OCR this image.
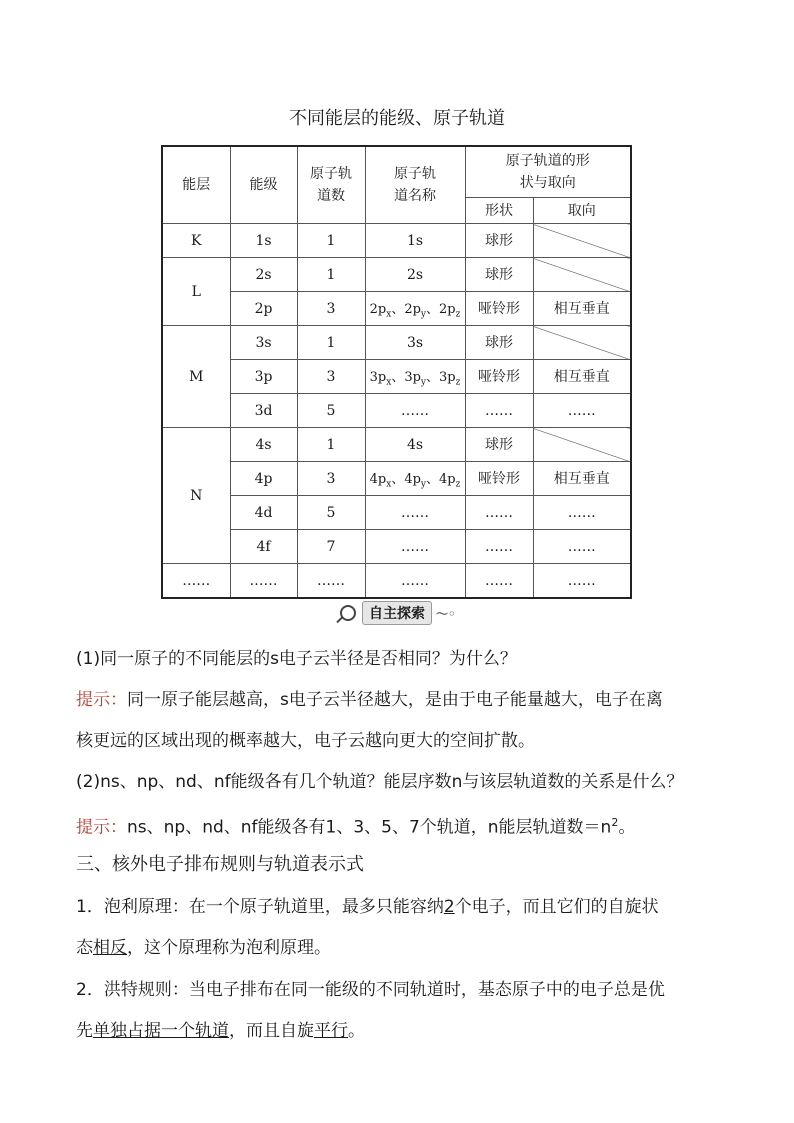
不同能层的能级、原子轨道
能层	能级	原子轨道数	原子轨道名称	原子轨道的形状与取向	
				形状	取向
K	1s	1	1s	球形	
L	2s	1	2s	球形	
	2p	3	$2p_x$、$2p_y$、$2p_z$	哑铃形	相互垂直
M	3s	1	3s	球形	
	3p	3	$3p_x$、$3p_y$、$3p_z$	哑铃形	相互垂直
	3d	5	……	……	……
N	4s	1	4s	球形	
	4p	3	$4p_x$、$4p_y$、$4p_z$	哑铃形	相互垂直
	4d	5	……	……	……
	4f	7	……	……	……
……	……	……	……	……	……
自主探索 ～◦
(1)同一原子的不同能层的s电子云半径是否相同？为什么？
提示：同一原子能层越高，s电子云半径越大，是由于电子能量越大，电子在离
核更远的区域出现的概率越大，电子云越向更大的空间扩散。
(2)ns、np、nd、nf能级各有几个轨道？能层序数n与该层轨道数的关系是什么？
提示：ns、np、nd、nf能级各有1、3、5、7个轨道，n能层轨道数$=n^2$。
三、核外电子排布规则与轨道表示式
1．泡利原理：在一个原子轨道里，最多只能容纳2个电子，而且它们的自旋状
态相反，这个原理称为泡利原理。
2．洪特规则：当电子排布在同一能级的不同轨道时，基态原子中的电子总是优
先单独占据一个轨道，而且自旋平行。
